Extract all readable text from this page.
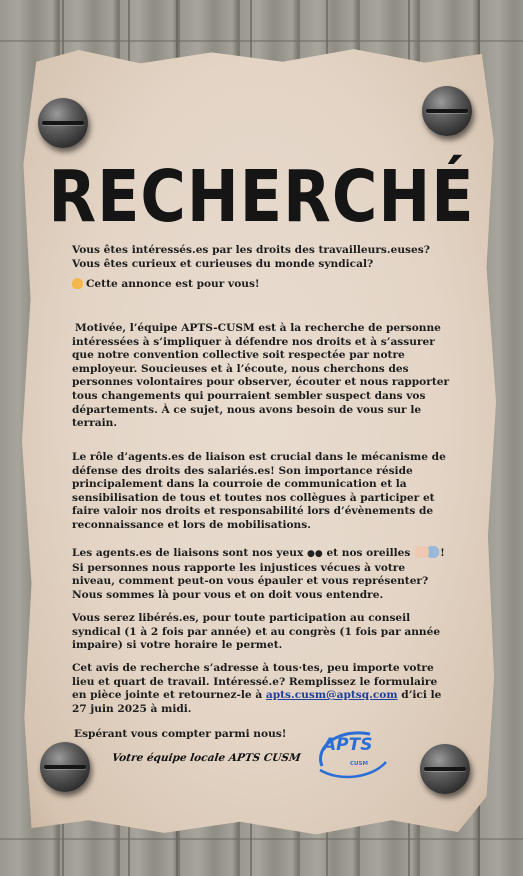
RECHERCHÉ
Vous êtes intéressés.es par les droits des travailleurs.euses?
Vous êtes curieux et curieuses du monde syndical?
Cette annonce est pour vous!
Motivée, l’équipe APTS-CUSM est à la recherche de personne intéressées à s’impliquer à défendre nos droits et à s’assurer que notre convention collective soit respectée par notre employeur. Soucieuses et à l’écoute, nous cherchons des personnes volontaires pour observer, écouter et nous rapporter tous changements qui pourraient sembler suspect dans vos départements. À ce sujet, nous avons besoin de vous sur le terrain.
Le rôle d’agents.es de liaison est crucial dans le mécanisme de défense des droits des salariés.es! Son importance réside principalement dans la courroie de communication et la sensibilisation de tous et toutes nos collègues à participer et faire valoir nos droits et responsabilité lors d’évènements de reconnaissance et lors de mobilisations.
Les agents.es de liaisons sont nos yeux ●● et nos oreilles	! Si personnes nous rapporte les injustices vécues à votre niveau, comment peut-on vous épauler et vous représenter? Nous sommes là pour vous et on doit vous entendre.
Vous serez libérés.es, pour toute participation au conseil syndical (1 à 2 fois par année) et au congrès (1 fois par année impaire) si votre horaire le permet.
Cet avis de recherche s’adresse à tous·tes, peu importe votre lieu et quart de travail. Intéressé.e? Remplissez le formulaire en pièce jointe et retournez-le à apts.cusm@aptsq.com d’ici le 27 juin 2025 à midi.
Espérant vous compter parmi nous!
Votre équipe locale APTS CUSM
APTS
CUSM
